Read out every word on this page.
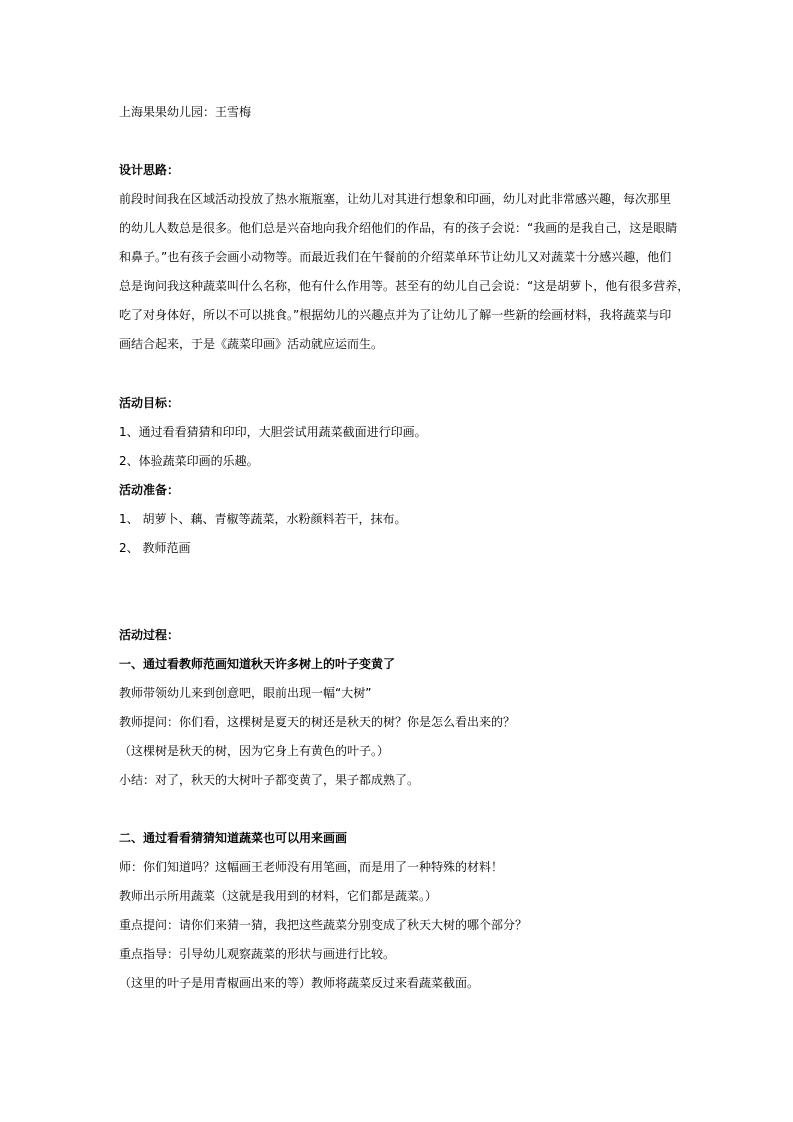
上海果果幼儿园：王雪梅
设计思路：
前段时间我在区域活动投放了热水瓶瓶塞，让幼儿对其进行想象和印画，幼儿对此非常感兴趣，每次那里
的幼儿人数总是很多。他们总是兴奋地向我介绍他们的作品，有的孩子会说：“我画的是我自己，这是眼睛
和鼻子。”也有孩子会画小动物等。而最近我们在午餐前的介绍菜单环节让幼儿又对蔬菜十分感兴趣，他们
总是询问我这种蔬菜叫什么名称，他有什么作用等。甚至有的幼儿自己会说：“这是胡萝卜，他有很多营养，
吃了对身体好，所以不可以挑食。”根据幼儿的兴趣点并为了让幼儿了解一些新的绘画材料，我将蔬菜与印
画结合起来，于是《蔬菜印画》活动就应运而生。
活动目标：
1、通过看看猜猜和印印，大胆尝试用蔬菜截面进行印画。
2、体验蔬菜印画的乐趣。
活动准备：
1、 胡萝卜、藕、青椒等蔬菜，水粉颜料若干，抹布。
2、 教师范画
活动过程：
一、通过看教师范画知道秋天许多树上的叶子变黄了
教师带领幼儿来到创意吧，眼前出现一幅“大树”
教师提问：你们看，这棵树是夏天的树还是秋天的树？你是怎么看出来的？
（这棵树是秋天的树，因为它身上有黄色的叶子。）
小结：对了，秋天的大树叶子都变黄了，果子都成熟了。
二、通过看看猜猜知道蔬菜也可以用来画画
师：你们知道吗？这幅画王老师没有用笔画，而是用了一种特殊的材料！
教师出示所用蔬菜（这就是我用到的材料，它们都是蔬菜。）
重点提问：请你们来猜一猜，我把这些蔬菜分别变成了秋天大树的哪个部分？
重点指导：引导幼儿观察蔬菜的形状与画进行比较。
（这里的叶子是用青椒画出来的等）教师将蔬菜反过来看蔬菜截面。
